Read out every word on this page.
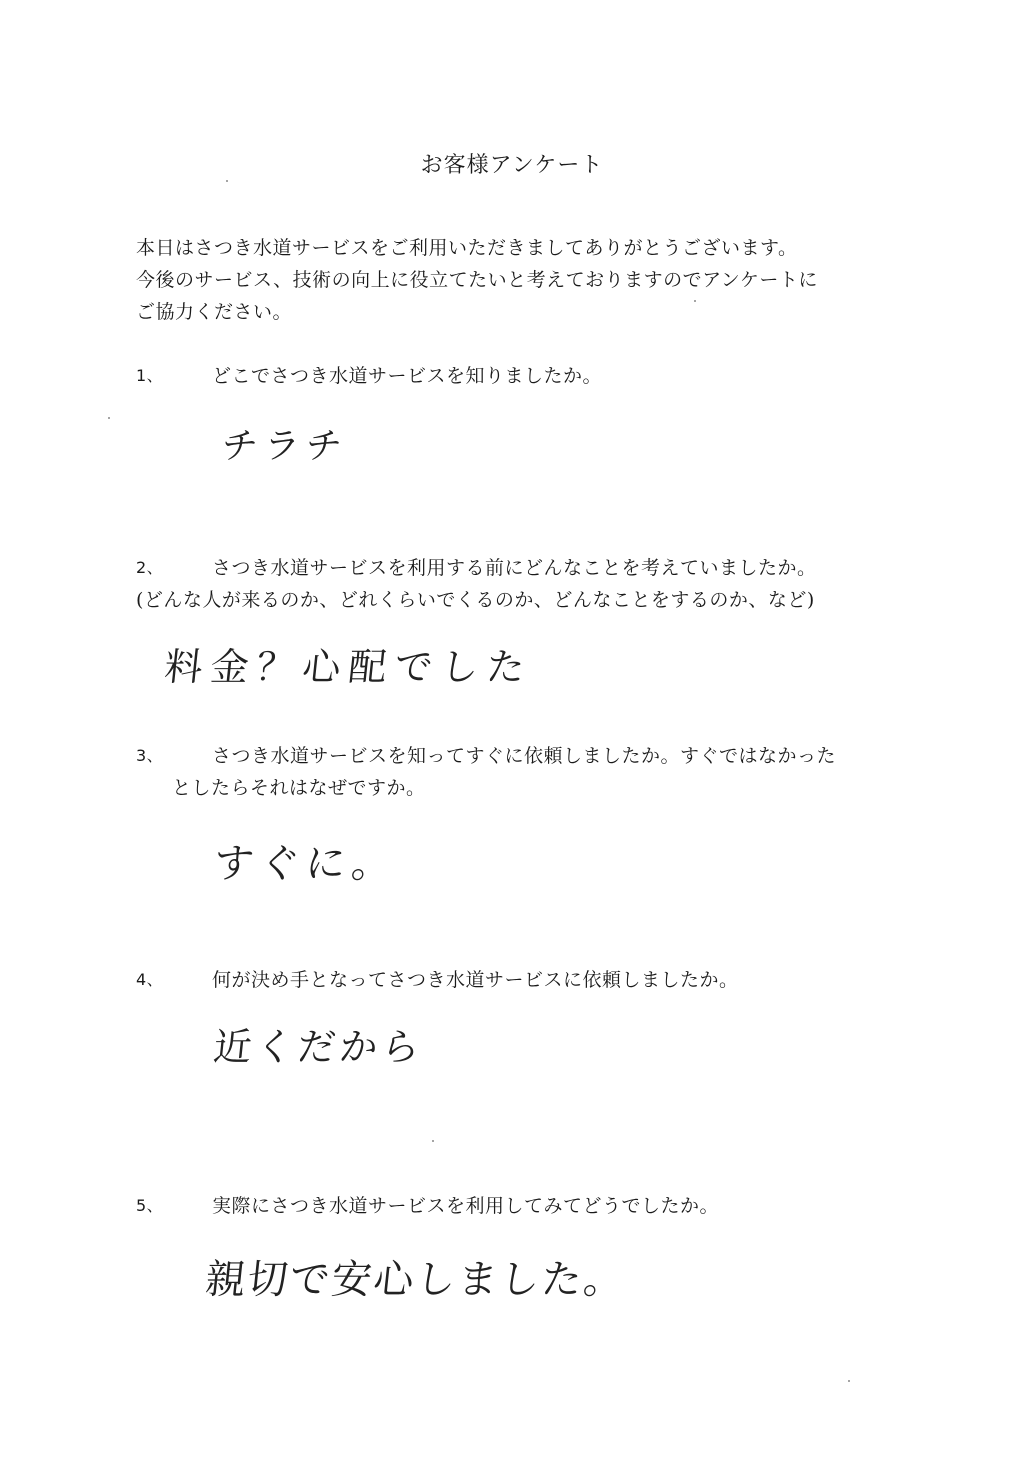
お客様アンケート
本日はさつき水道サービスをご利用いただきましてありがとうございます。
今後のサービス、技術の向上に役立てたいと考えておりますのでアンケートに
ご協力ください。
1、	どこでさつき水道サービスを知りましたか。
チラチ
2、	さつき水道サービスを利用する前にどんなことを考えていましたか。
(どんな人が来るのか、どれくらいでくるのか、どんなことをするのか、など)
料金？心配でした
3、	さつき水道サービスを知ってすぐに依頼しましたか。すぐではなかった
としたらそれはなぜですか。
すぐに。
4、	何が決め手となってさつき水道サービスに依頼しましたか。
近くだから
5、	実際にさつき水道サービスを利用してみてどうでしたか。
親切で安心しました。
